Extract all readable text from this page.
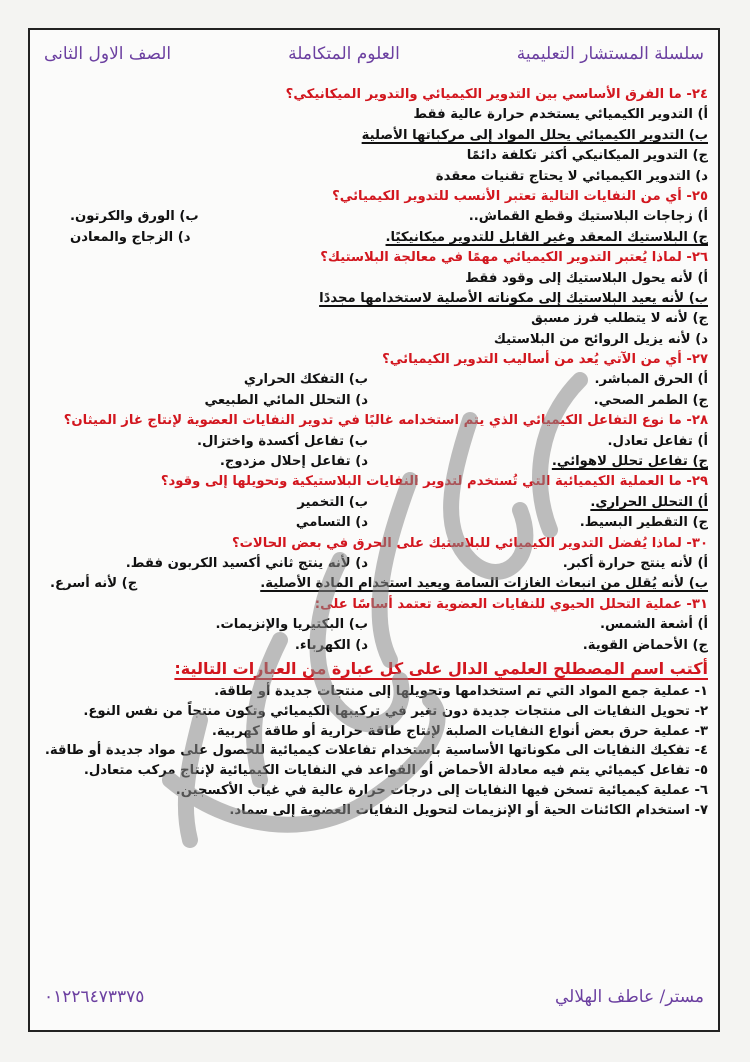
سلسلة المستشار التعليمية
العلوم المتكاملة
الصف الاول الثانى
٢٤- ما الفرق الأساسي بين التدوير الكيميائي والتدوير الميكانيكي؟
أ) التدوير الكيميائي يستخدم حرارة عالية فقط
ب) التدوير الكيميائي يحلل المواد إلى مركباتها الأصلية
ج) التدوير الميكانيكي أكثر تكلفة دائمًا
د) التدوير الكيميائي لا يحتاج تقنيات معقدة
٢٥- أي من النفايات التالية تعتبر الأنسب للتدوير الكيميائي؟
أ) زجاجات البلاستيك وقطع القماش..
ب) الورق والكرتون.
ج) البلاستيك المعقد وغير القابل للتدوير ميكانيكيًا.
د) الزجاج والمعادن
٢٦- لماذا يُعتبر التدوير الكيميائي مهمًا في معالجة البلاستيك؟
أ) لأنه يحول البلاستيك إلى وقود فقط
ب) لأنه يعيد البلاستيك إلى مكوناته الأصلية لاستخدامها مجددًا
ج) لأنه لا يتطلب فرز مسبق
د) لأنه يزيل الروائح من البلاستيك
٢٧- أي من الآتي يُعد من أساليب التدوير الكيميائي؟
أ) الحرق المباشر.
ب) التفكك الحراري
ج) الطمر الصحي.
د) التحلل المائي الطبيعي
٢٨- ما نوع التفاعل الكيميائي الذي يتم استخدامه غالبًا في تدوير النفايات العضوية لإنتاج غاز الميثان؟
أ) تفاعل تعادل.
ب) تفاعل أكسدة واختزال.
ج) تفاعل تحلل لاهوائي.
د) تفاعل إحلال مزدوج.
٢٩- ما العملية الكيميائية التي تُستخدم لتدوير النفايات البلاستيكية وتحويلها إلى وقود؟
أ) التحلل الحراري.
ب) التخمير
ج) التقطير البسيط.
د) التسامي
٣٠- لماذا يُفضل التدوير الكيميائي للبلاستيك على الحرق في بعض الحالات؟
أ) لأنه ينتج حرارة أكبر.
د) لأنه ينتج ثاني أكسيد الكربون فقط.
ب) لأنه يُقلل من انبعاث الغازات السامة ويعيد استخدام المادة الأصلية.
ج) لأنه أسرع.
٣١- عملية التحلل الحيوي للنفايات العضوية تعتمد أساسًا على:
أ) أشعة الشمس.
ب) البكتيريا والإنزيمات.
ج) الأحماض القوية.
د) الكهرباء.
أكتب اسم المصطلح العلمي الدال على كل عبارة من العبارات التالية:
١- عملية جمع المواد التي تم استخدامها وتحويلها إلى منتجات جديدة أو طاقة.
٢- تحويل النفايات الى منتجات جديدة دون تغير في تركيبها الكيميائي وتكون منتجاً من نفس النوع.
٣- عملية حرق بعض أنواع النفايات الصلبة لإنتاج طاقة حرارية أو طاقة كهربية.
٤- تفكيك النفايات الى مكوناتها الأساسية باستخدام تفاعلات كيميائية للحصول على مواد جديدة أو طاقة.
٥- تفاعل كيميائي يتم فيه معادلة الأحماض أو القواعد في النفايات الكيميائية لإنتاج مركب متعادل.
٦- عملية كيميائية تسخن فيها النفايات إلى درجات حرارة عالية في غياب الأكسجين.
٧- استخدام الكائنات الحية أو الإنزيمات لتحويل النفايات العضوية إلى سماد.
مستر/ عاطف الهلالي
٠١٢٢٦٤٧٣٣٧٥
